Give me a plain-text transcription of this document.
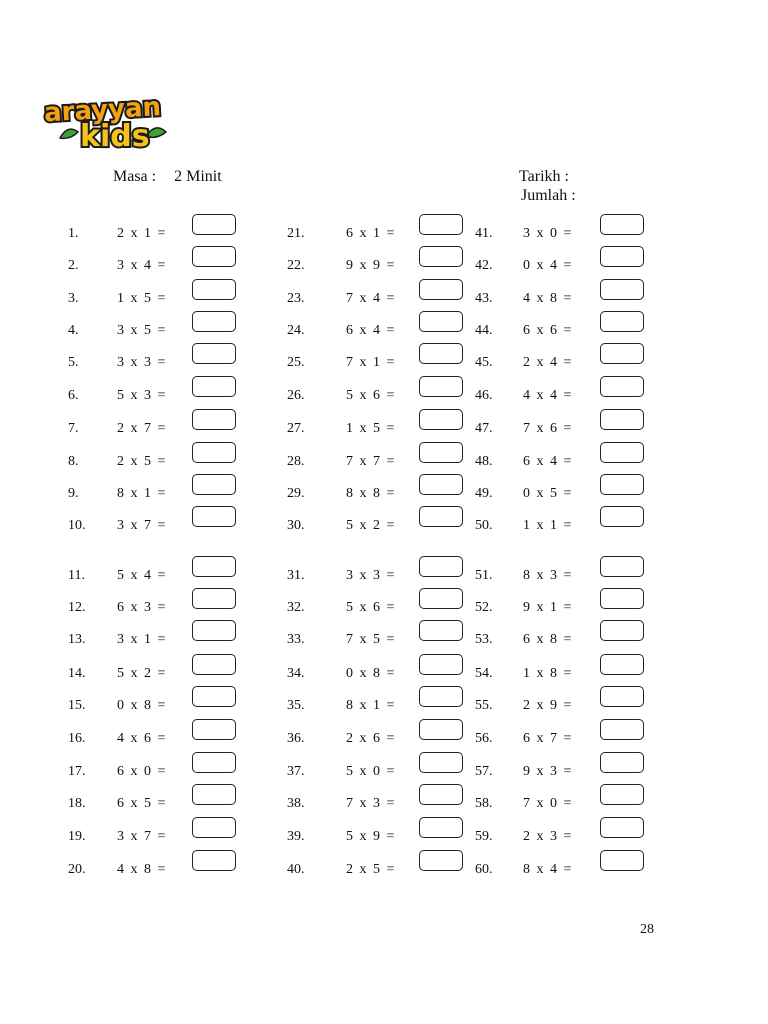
arayyan
kids
Masa : 2 Minit	Tarikh :
Jumlah :
1.	2 x 1 =
2.	3 x 4 =
3.	1 x 5 =
4.	3 x 5 =
5.	3 x 3 =
6.	5 x 3 =
7.	2 x 7 =
8.	2 x 5 =
9.	8 x 1 =
10. 3 x 7 =
11. 5 x 4 =
12. 6 x 3 =
13. 3 x 1 =
14. 5 x 2 =
15. 0 x 8 =
16. 4 x 6 =
17. 6 x 0 =
18. 6 x 5 =
19. 3 x 7 =
20. 4 x 8 =
21.	6 x 1 =
22.	9 x 9 =
23.	7 x 4 =
24.	6 x 4 =
25.	7 x 1 =
26.	5 x 6 =
27.	1 x 5 =
28.	7 x 7 =
29.	8 x 8 =
30.	5 x 2 =
31.	3 x 3 =
32.	5 x 6 =
33.	7 x 5 =
34.	0 x 8 =
35.	8 x 1 =
36.	2 x 6 =
37.	5 x 0 =
38.	7 x 3 =
39.	5 x 9 =
40.	2 x 5 =
41. 3 x 0 =
42. 0 x 4 =
43. 4 x 8 =
44. 6 x 6 =
45. 2 x 4 =
46. 4 x 4 =
47. 7 x 6 =
48. 6 x 4 =
49. 0 x 5 =
50. 1 x 1 =
51. 8 x 3 =
52. 9 x 1 =
53. 6 x 8 =
54. 1 x 8 =
55. 2 x 9 =
56. 6 x 7 =
57. 9 x 3 =
58. 7 x 0 =
59. 2 x 3 =
60. 8 x 4 =
28
